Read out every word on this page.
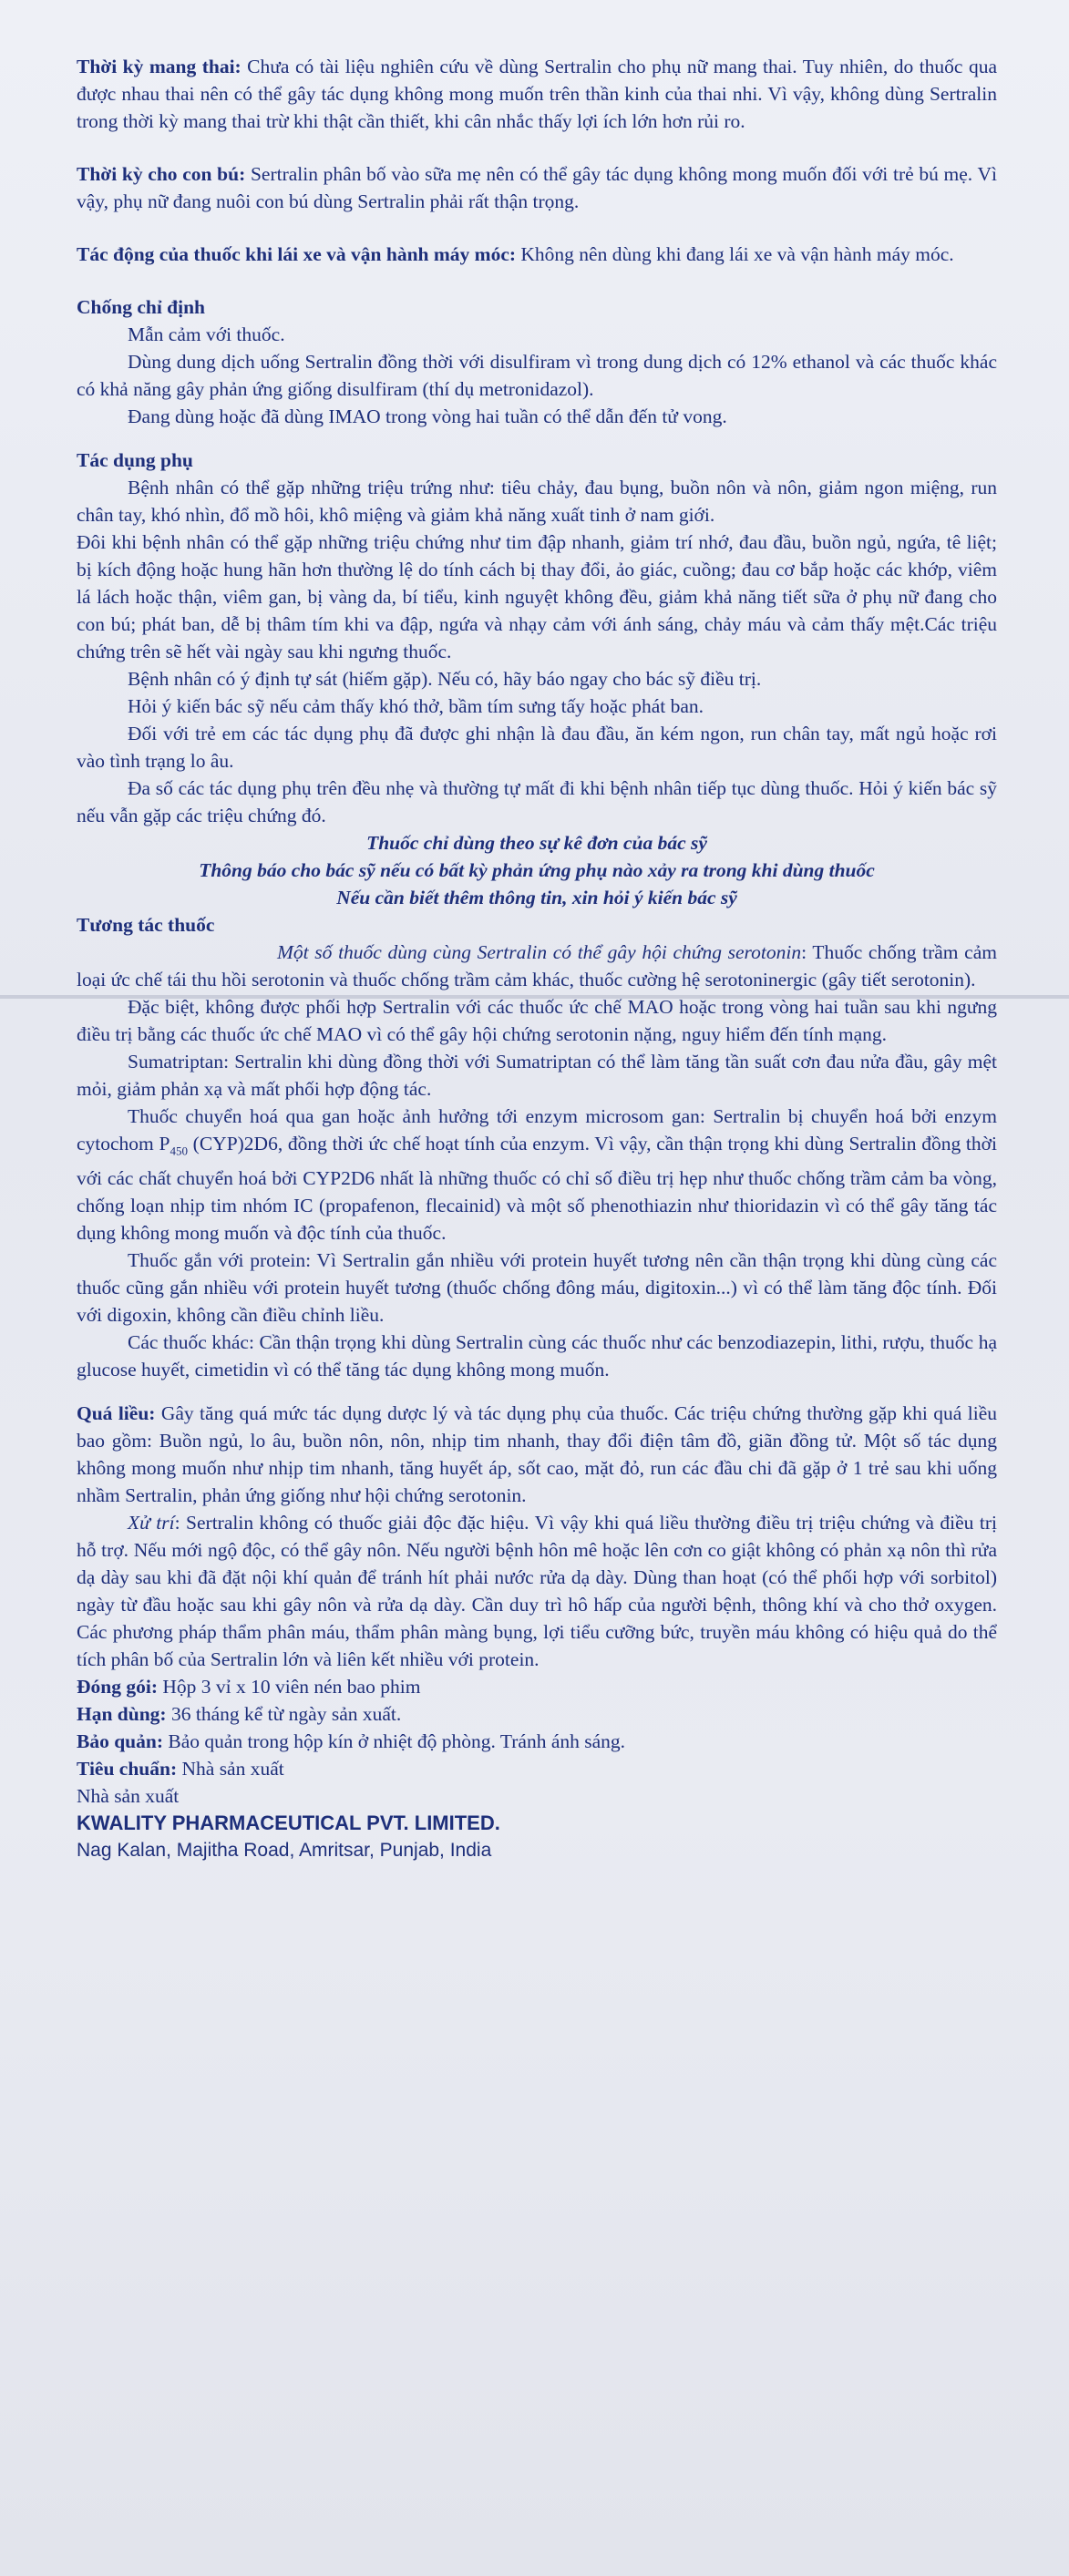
Thời kỳ mang thai: Chưa có tài liệu nghiên cứu về dùng Sertralin cho phụ nữ mang thai. Tuy nhiên, do thuốc qua được nhau thai nên có thể gây tác dụng không mong muốn trên thần kinh của thai nhi. Vì vậy, không dùng Sertralin trong thời kỳ mang thai trừ khi thật cần thiết, khi cân nhắc thấy lợi ích lớn hơn rủi ro.

Thời kỳ cho con bú: Sertralin phân bố vào sữa mẹ nên có thể gây tác dụng không mong muốn đối với trẻ bú mẹ. Vì vậy, phụ nữ đang nuôi con bú dùng Sertralin phải rất thận trọng.

Tác động của thuốc khi lái xe và vận hành máy móc: Không nên dùng khi đang lái xe và vận hành máy móc.

Chống chỉ định

Mẫn cảm với thuốc.

Dùng dung dịch uống Sertralin đồng thời với disulfiram vì trong dung dịch có 12% ethanol và các thuốc khác có khả năng gây phản ứng giống disulfiram (thí dụ metronidazol).

Đang dùng hoặc đã dùng IMAO trong vòng hai tuần có thể dẫn đến tử vong.

Tác dụng phụ

Bệnh nhân có thể gặp những triệu trứng như: tiêu chảy, đau bụng, buồn nôn và nôn, giảm ngon miệng, run chân tay, khó nhìn, đổ mồ hôi, khô miệng và giảm khả năng xuất tinh ở nam giới.

Đôi khi bệnh nhân có thể gặp những triệu chứng như tim đập nhanh, giảm trí nhớ, đau đầu, buồn ngủ, ngứa, tê liệt; bị kích động hoặc hung hãn hơn thường lệ do tính cách bị thay đổi, ảo giác, cuồng; đau cơ bắp hoặc các khớp, viêm lá lách hoặc thận, viêm gan, bị vàng da, bí tiểu, kinh nguyệt không đều, giảm khả năng tiết sữa ở phụ nữ đang cho con bú; phát ban, dễ bị thâm tím khi va đập, ngứa và nhạy cảm với ánh sáng, chảy máu và cảm thấy mệt.Các triệu chứng trên sẽ hết vài ngày sau khi ngưng thuốc.

Bệnh nhân có ý định tự sát (hiếm gặp). Nếu có, hãy báo ngay cho bác sỹ điều trị.

Hỏi ý kiến bác sỹ nếu cảm thấy khó thở, bầm tím sưng tấy hoặc phát ban.

Đối với trẻ em các tác dụng phụ đã được ghi nhận là đau đầu, ăn kém ngon, run chân tay, mất ngủ hoặc rơi vào tình trạng lo âu.

Đa số các tác dụng phụ trên đều nhẹ và thường tự mất đi khi bệnh nhân tiếp tục dùng thuốc. Hỏi ý kiến bác sỹ nếu vẫn gặp các triệu chứng đó.

Thuốc chỉ dùng theo sự kê đơn của bác sỹ

Thông báo cho bác sỹ nếu có bất kỳ phản ứng phụ nào xảy ra trong khi dùng thuốc

Nếu cần biết thêm thông tin, xin hỏi ý kiến bác sỹ

Tương tác thuốc

Một số thuốc dùng cùng Sertralin có thể gây hội chứng serotonin: Thuốc chống trầm cảm loại ức chế tái thu hồi serotonin và thuốc chống trầm cảm khác, thuốc cường hệ serotoninergic (gây tiết serotonin).

Đặc biệt, không được phối hợp Sertralin với các thuốc ức chế MAO hoặc trong vòng hai tuần sau khi ngưng điều trị bằng các thuốc ức chế MAO vì có thể gây hội chứng serotonin nặng, nguy hiểm đến tính mạng.

Sumatriptan: Sertralin khi dùng đồng thời với Sumatriptan có thể làm tăng tần suất cơn đau nửa đầu, gây mệt mỏi, giảm phản xạ và mất phối hợp động tác.

Thuốc chuyển hoá qua gan hoặc ảnh hưởng tới enzym microsom gan: Sertralin bị chuyển hoá bởi enzym cytochom $P_{450}$ (CYP)2D6, đồng thời ức chế hoạt tính của enzym. Vì vậy, cần thận trọng khi dùng Sertralin đồng thời với các chất chuyển hoá bởi CYP2D6 nhất là những thuốc có chỉ số điều trị hẹp như thuốc chống trầm cảm ba vòng, chống loạn nhịp tim nhóm IC (propafenon, flecainid) và một số phenothiazin như thioridazin vì có thể gây tăng tác dụng không mong muốn và độc tính của thuốc.

Thuốc gắn với protein: Vì Sertralin gắn nhiều với protein huyết tương nên cần thận trọng khi dùng cùng các thuốc cũng gắn nhiều với protein huyết tương (thuốc chống đông máu, digitoxin...) vì có thể làm tăng độc tính. Đối với digoxin, không cần điều chỉnh liều.

Các thuốc khác: Cần thận trọng khi dùng Sertralin cùng các thuốc như các benzodiazepin, lithi, rượu, thuốc hạ glucose huyết, cimetidin vì có thể tăng tác dụng không mong muốn.

Quá liều: Gây tăng quá mức tác dụng dược lý và tác dụng phụ của thuốc. Các triệu chứng thường gặp khi quá liều bao gồm: Buồn ngủ, lo âu, buồn nôn, nôn, nhịp tim nhanh, thay đổi điện tâm đồ, giãn đồng tử. Một số tác dụng không mong muốn như nhịp tim nhanh, tăng huyết áp, sốt cao, mặt đỏ, run các đầu chi đã gặp ở 1 trẻ sau khi uống nhầm Sertralin, phản ứng giống như hội chứng serotonin.

Xử trí: Sertralin không có thuốc giải độc đặc hiệu. Vì vậy khi quá liều thường điều trị triệu chứng và điều trị hỗ trợ. Nếu mới ngộ độc, có thể gây nôn. Nếu người bệnh hôn mê hoặc lên cơn co giật không có phản xạ nôn thì rửa dạ dày sau khi đã đặt nội khí quản để tránh hít phải nước rửa dạ dày. Dùng than hoạt (có thể phối hợp với sorbitol) ngày từ đầu hoặc sau khi gây nôn và rửa dạ dày. Cần duy trì hô hấp của người bệnh, thông khí và cho thở oxygen. Các phương pháp thẩm phân máu, thẩm phân màng bụng, lợi tiểu cưỡng bức, truyền máu không có hiệu quả do thể tích phân bố của Sertralin lớn và liên kết nhiều với protein.

Đóng gói: Hộp 3 vỉ x 10 viên nén bao phim

Hạn dùng: 36 tháng kể từ ngày sản xuất.

Bảo quản: Bảo quản trong hộp kín ở nhiệt độ phòng. Tránh ánh sáng.

Tiêu chuẩn: Nhà sản xuất

Nhà sản xuất

KWALITY PHARMACEUTICAL PVT. LIMITED.

Nag Kalan, Majitha Road, Amritsar, Punjab, India
